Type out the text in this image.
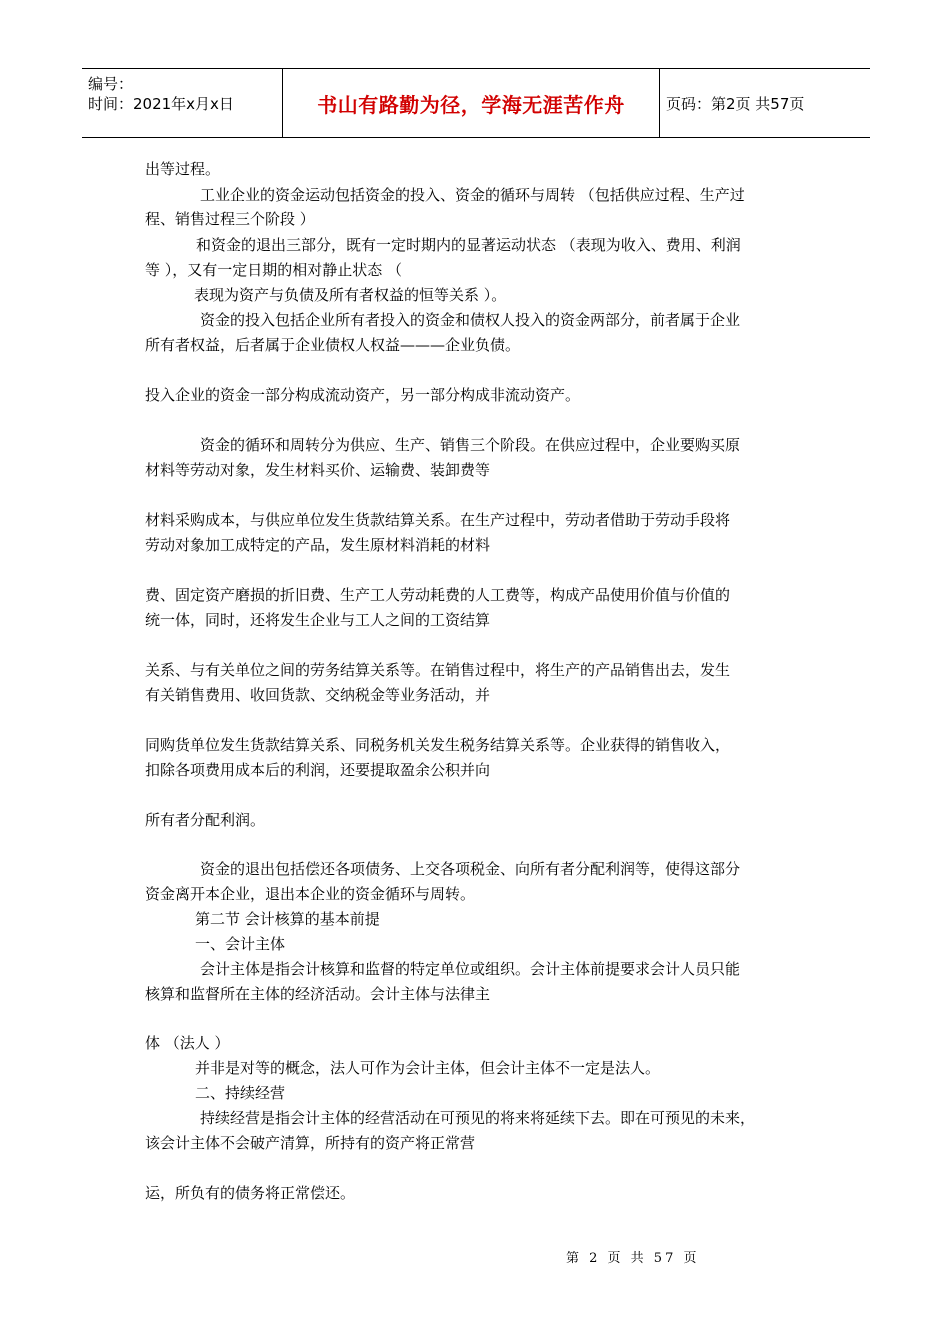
编号：
时间：2021年x月x日	书山有路勤为径，学海无涯苦作舟	页码：第2页 共57页
出等过程。
工业企业的资金运动包括资金的投入、资金的循环与周转 （包括供应过程、生产过
程、销售过程三个阶段 ）
和资金的退出三部分，既有一定时期内的显著运动状态 （表现为收入、费用、利润
等 ），又有一定日期的相对静止状态 （
表现为资产与负债及所有者权益的恒等关系 ）。
资金的投入包括企业所有者投入的资金和债权人投入的资金两部分，前者属于企业
所有者权益，后者属于企业债权人权益———企业负债。
投入企业的资金一部分构成流动资产，另一部分构成非流动资产。
资金的循环和周转分为供应、生产、销售三个阶段。在供应过程中，企业要购买原
材料等劳动对象，发生材料买价、运输费、装卸费等
材料采购成本，与供应单位发生货款结算关系。在生产过程中，劳动者借助于劳动手段将
劳动对象加工成特定的产品，发生原材料消耗的材料
费、固定资产磨损的折旧费、生产工人劳动耗费的人工费等，构成产品使用价值与价值的
统一体，同时，还将发生企业与工人之间的工资结算
关系、与有关单位之间的劳务结算关系等。在销售过程中，将生产的产品销售出去，发生
有关销售费用、收回货款、交纳税金等业务活动，并
同购货单位发生货款结算关系、同税务机关发生税务结算关系等。企业获得的销售收入，
扣除各项费用成本后的利润，还要提取盈余公积并向
所有者分配利润。
资金的退出包括偿还各项债务、上交各项税金、向所有者分配利润等，使得这部分
资金离开本企业，退出本企业的资金循环与周转。
第二节 会计核算的基本前提
一、会计主体
会计主体是指会计核算和监督的特定单位或组织。会计主体前提要求会计人员只能
核算和监督所在主体的经济活动。会计主体与法律主
体 （法人 ）
并非是对等的概念，法人可作为会计主体，但会计主体不一定是法人。
二、持续经营
持续经营是指会计主体的经营活动在可预见的将来将延续下去。即在可预见的未来，
该会计主体不会破产清算，所持有的资产将正常营
运，所负有的债务将正常偿还。
第 2 页 共 57 页
